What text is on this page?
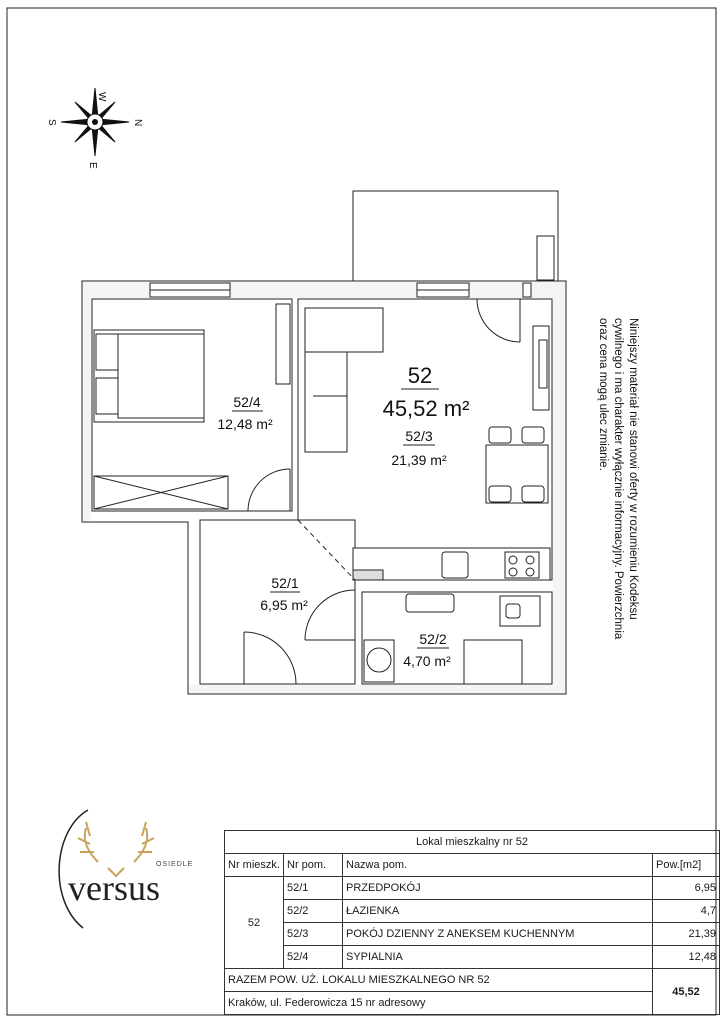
W
E
S	N
52/4
12,48 m²
52
45,52 m²
52/3
21,39 m²
52/1
6,95 m²
52/2
4,70 m²
Niniejszy materiał nie stanowi oferty w rozumieniu Kodeksu cywilnego i ma charakter wyłącznie informacyjny. Powierzchnia oraz cena mogą ulec zmianie.
OSIEDLE
versus
Lokal mieszkalny nr 52			
Nr mieszk.	Nr pom.	Nazwa pom.	Pow.[m2]
52	52/1	PRZEDPOKÓJ	6,95
	52/2	ŁAZIENKA	4,7
	52/3	POKÓJ DZIENNY Z ANEKSEM KUCHENNYM	21,39
	52/4	SYPIALNIA	12,48
RAZEM POW. UŻ. LOKALU MIESZKALNEGO NR 52			45,52
Kraków, ul. Federowicza 15 nr adresowy			
